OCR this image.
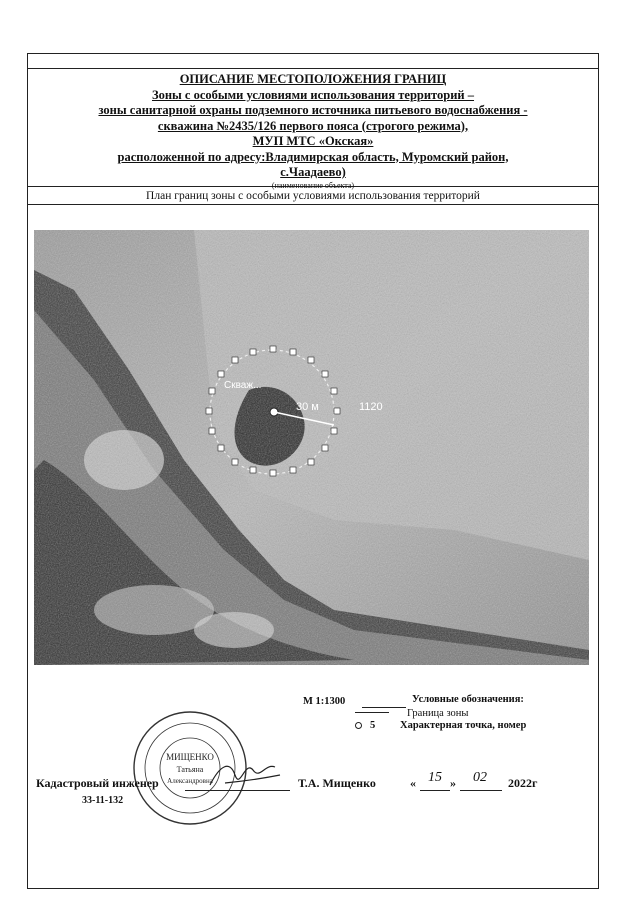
ОПИСАНИЕ МЕСТОПОЛОЖЕНИЯ ГРАНИЦ
Зоны с особыми условиями использования территорий –
зоны санитарной охраны подземного источника питьевого водоснабжения -
скважина №2435/126 первого пояса (строгого режима),
МУП МТС «Окская»
расположенной по адресу:Владимирская область, Муромский район,
с.Чаадаево)
(наименование объекта)
План границ зоны с особыми условиями использования территорий
Скваж...
30 м	1120
М 1:1300	Условные обозначения:
Граница зоны
5 Характерная точка, номер
МИЩЕНКО
Татьяна
Александровна
Кадастровый инженер
33-11-132
Т.А. Мищенко	« 15 »	02	2022г
